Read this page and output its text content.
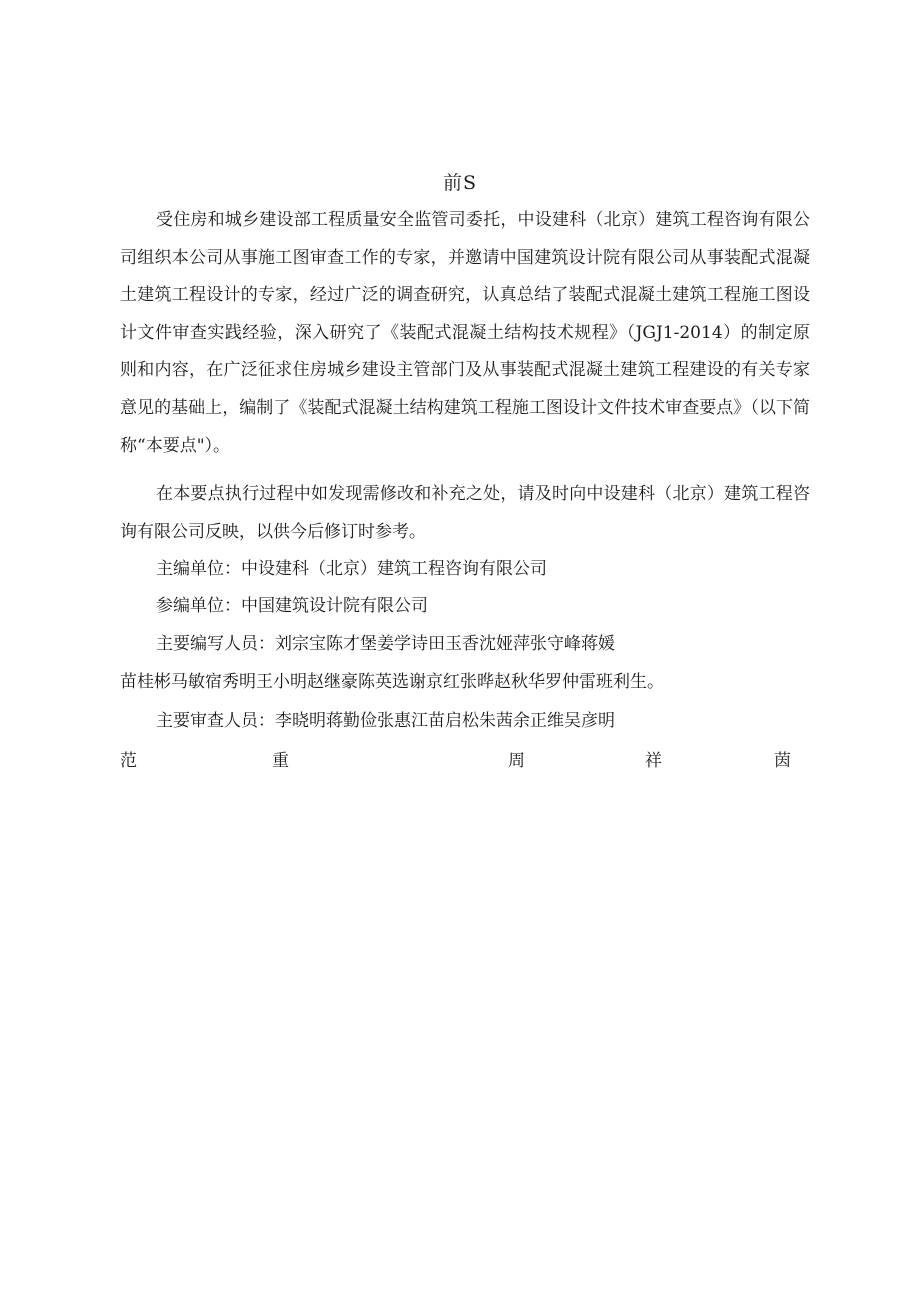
前S
受住房和城乡建设部工程质量安全监管司委托，中设建科（北京）建筑工程咨询有限公司组织本公司从事施工图审查工作的专家，并邀请中国建筑设计院有限公司从事装配式混凝土建筑工程设计的专家，经过广泛的调查研究，认真总结了装配式混凝土建筑工程施工图设计文件审查实践经验，深入研究了《装配式混凝土结构技术规程》（JGJ1-2014）的制定原则和内容，在广泛征求住房城乡建设主管部门及从事装配式混凝土建筑工程建设的有关专家意见的基础上，编制了《装配式混凝土结构建筑工程施工图设计文件技术审查要点》（以下简称“本要点"）。
在本要点执行过程中如发现需修改和补充之处，请及时向中设建科（北京）建筑工程咨询有限公司反映，以供今后修订时参考。
主编单位：中设建科（北京）建筑工程咨询有限公司
参编单位：中国建筑设计院有限公司
主要编写人员：刘宗宝陈才堡姜学诗田玉香沈娅萍张守峰蒋媛
苗桂彬马敏宿秀明王小明赵继豪陈英选谢京红张晔赵秋华罗仲雷班利生。
主要审查人员：李晓明蒋勤俭张惠江苗启松朱茜余正维吴彦明
范	重	周	祥	茵
